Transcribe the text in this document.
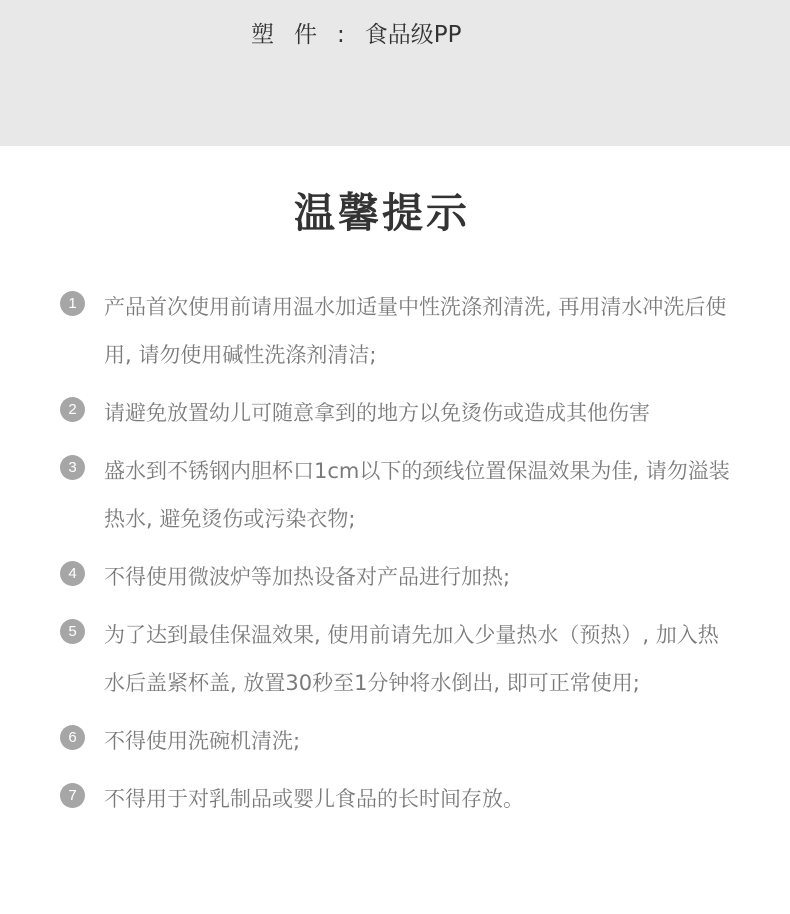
塑件:食品级PP
温馨提示
1	产品首次使用前请用温水加适量中性洗涤剂清洗, 再用清水冲洗后使用, 请勿使用碱性洗涤剂清洁;
2	请避免放置幼儿可随意拿到的地方以免烫伤或造成其他伤害
3	盛水到不锈钢内胆杯口1cm以下的颈线位置保温效果为佳, 请勿溢装热水, 避免烫伤或污染衣物;
4	不得使用微波炉等加热设备对产品进行加热;
5	为了达到最佳保温效果, 使用前请先加入少量热水（预热）, 加入热水后盖紧杯盖, 放置30秒至1分钟将水倒出, 即可正常使用;
6	不得使用洗碗机清洗;
7	不得用于对乳制品或婴儿食品的长时间存放。
